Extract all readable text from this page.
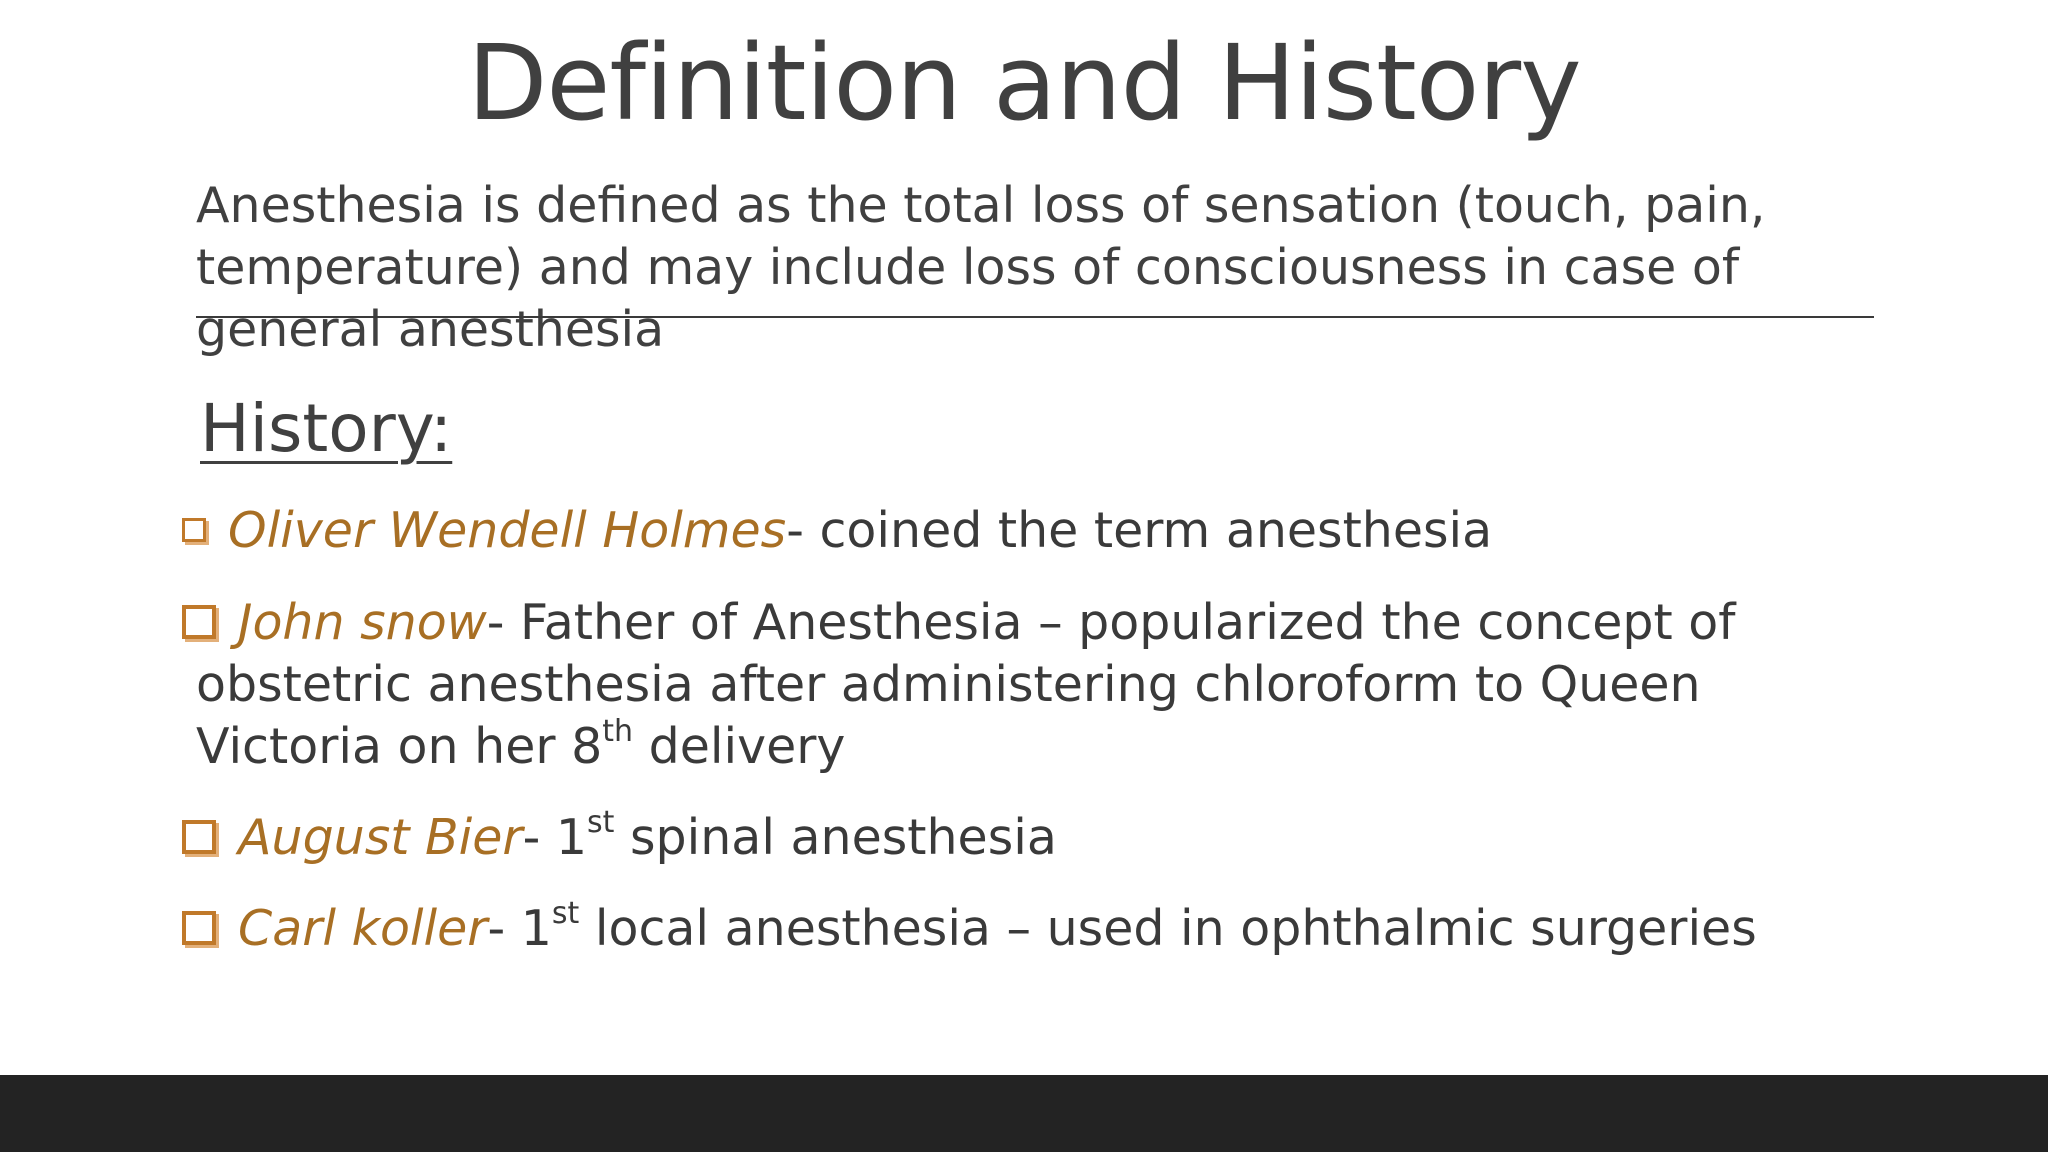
Definition and History
Anesthesia is defined as the total loss of sensation (touch, pain, temperature) and may include loss of consciousness in case of general anesthesia
History:
Oliver Wendell Holmes- coined the term anesthesia
John snow- Father of Anesthesia – popularized the concept of
obstetric anesthesia after administering chloroform to Queen
Victoria on her 8th delivery
August Bier- 1st spinal anesthesia
Carl koller- 1st local anesthesia – used in ophthalmic surgeries
